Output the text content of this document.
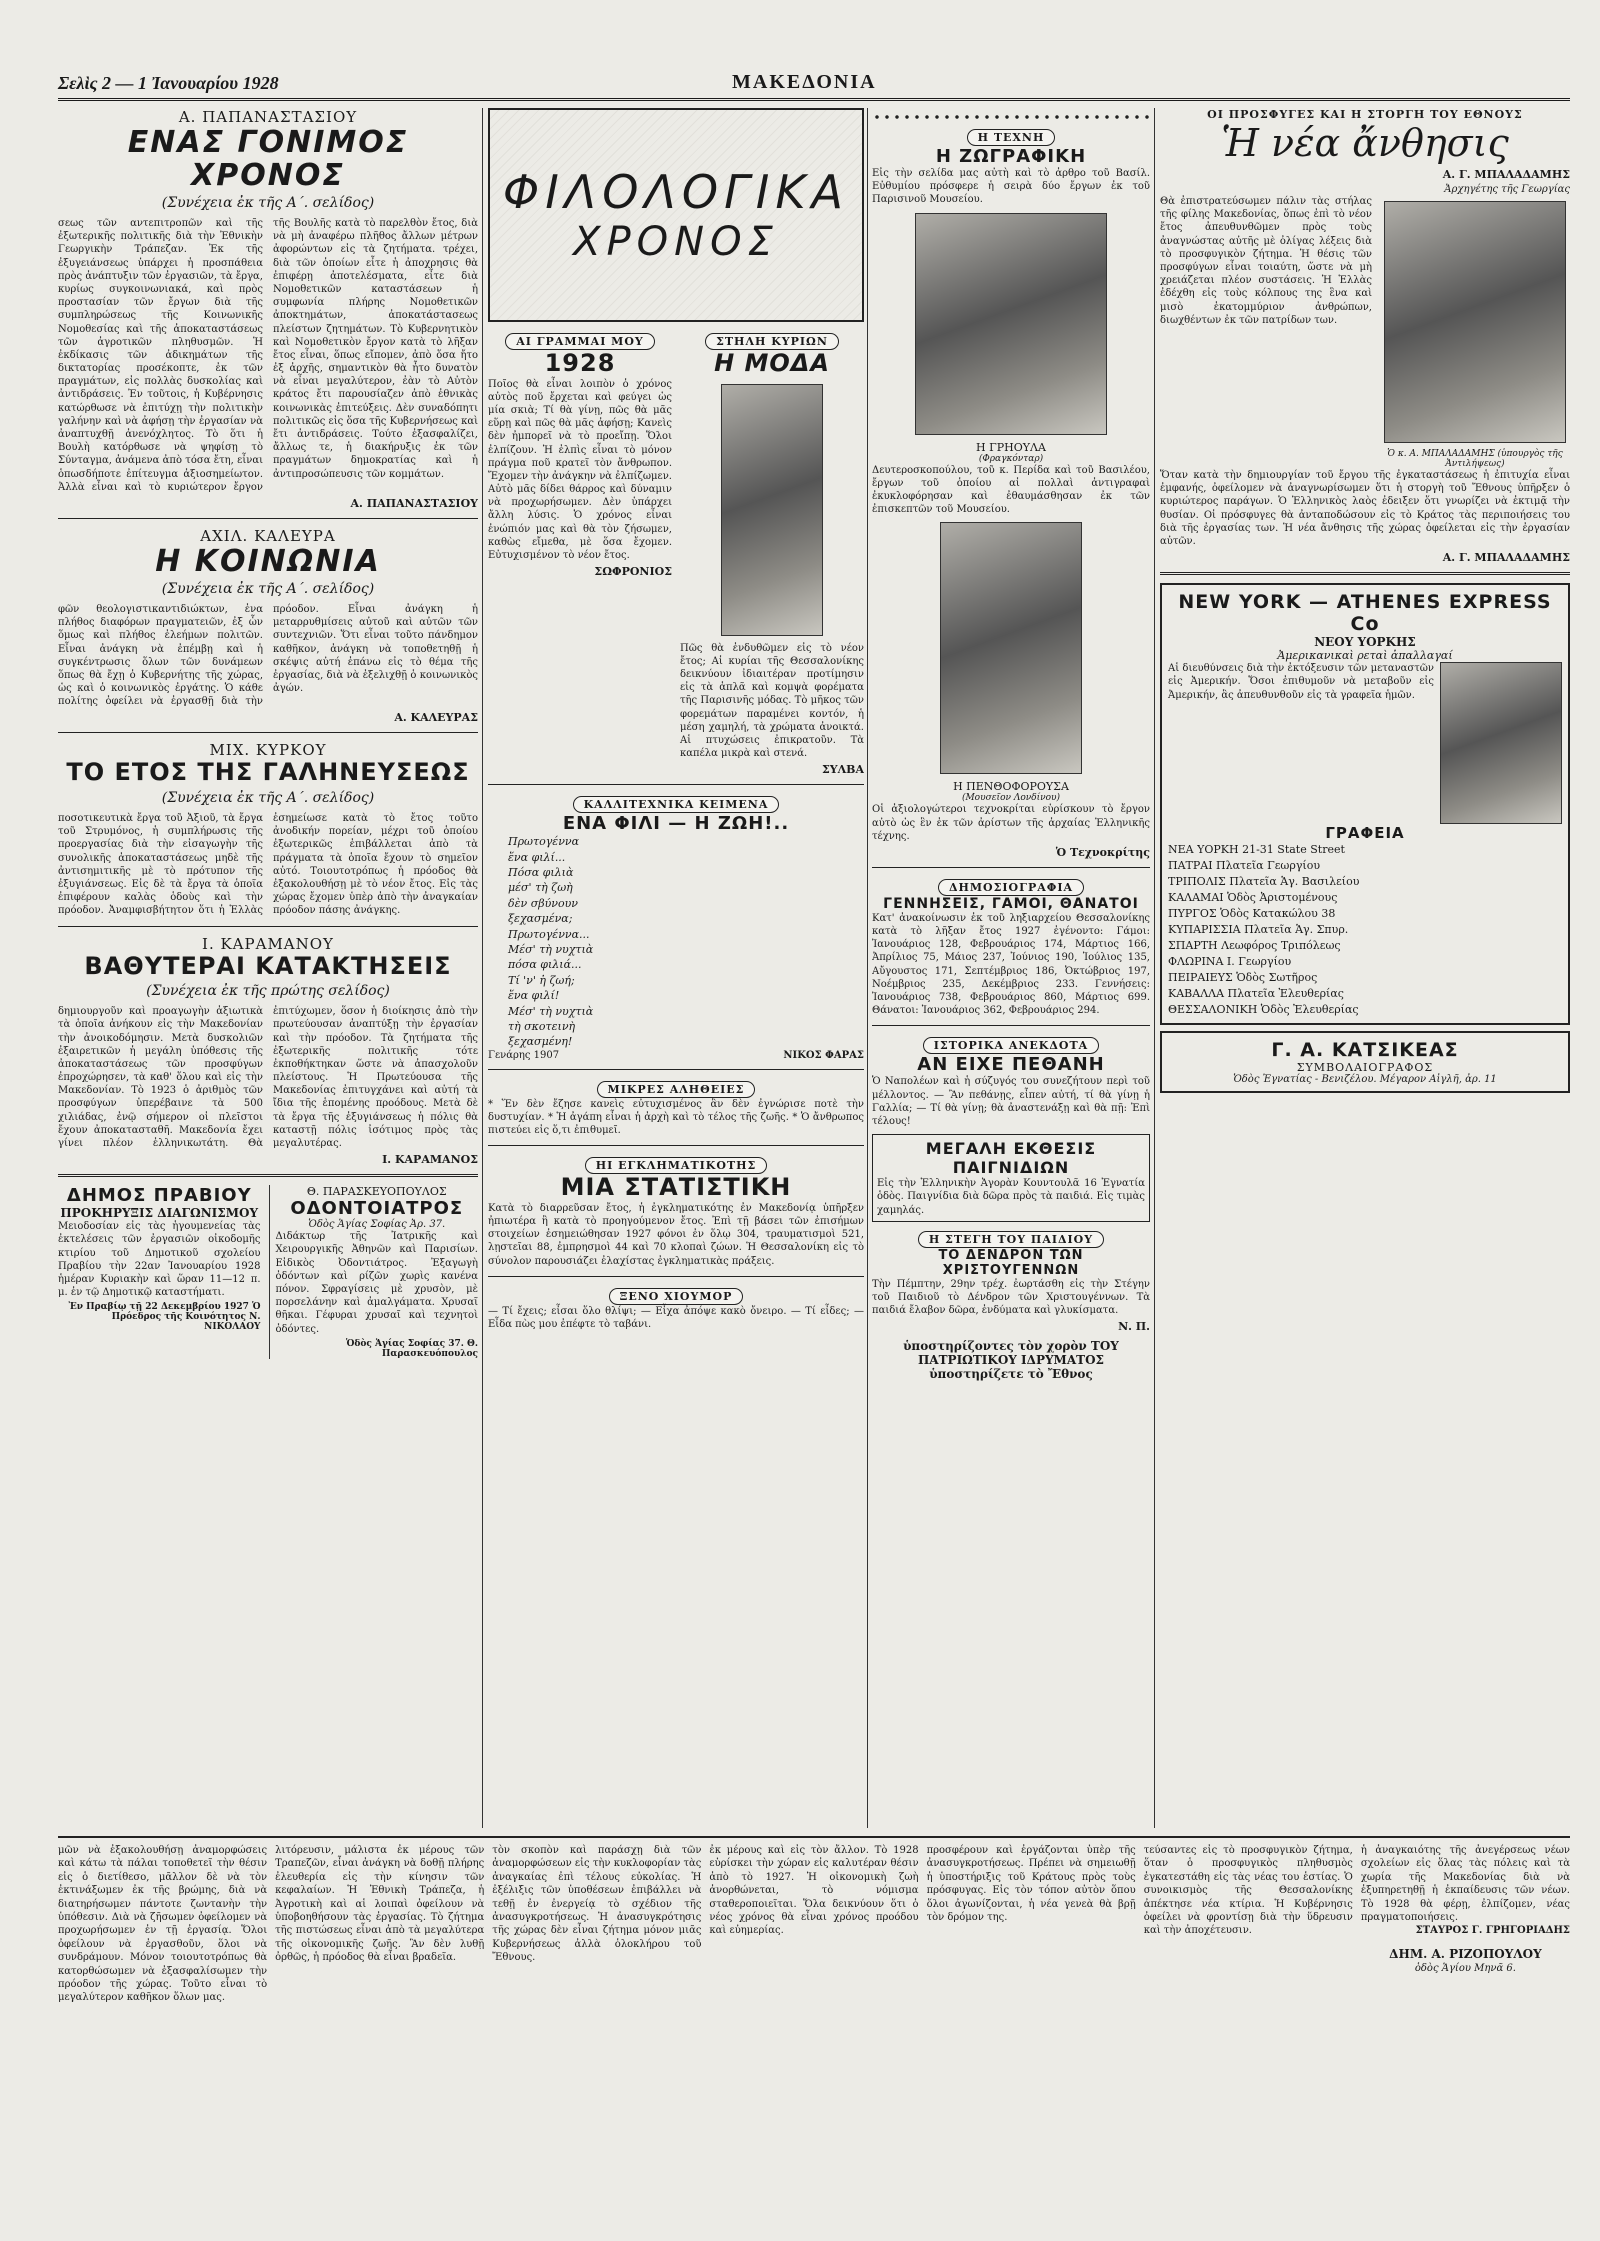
Σελὶς 2 — 1 Ἰανουαρίου 1928	ΜΑΚΕΔΟΝΙΑ
Α. ΠΑΠΑΝΑΣΤΑΣΙΟΥ
ΕΝΑΣ ΓΟΝΙΜΟΣ ΧΡΟΝΟΣ
(Συνέχεια ἐκ τῆς Α΄. σελίδος)
σεως τῶν αντεπιτροπῶν καὶ τῆς ἐξωτερικῆς πολιτικῆς διὰ τὴν Ἐθνικὴν Γεωργικὴν Τράπεζαν. Ἐκ τῆς ἐξυγειάνσεως ὑπάρχει ἡ προσπάθεια πρὸς ἀνάπτυξιν τῶν ἐργασιῶν, τὰ ἔργα, κυρίως συγκοινωνιακά, καὶ πρὸς προστασίαν τῶν ἔργων διὰ τῆς συμπληρώσεως τῆς Κοινωνικῆς Νομοθεσίας καὶ τῆς ἀποκαταστάσεως τῶν ἀγροτικῶν πληθυσμῶν. Ἡ ἐκδίκασις τῶν ἀδικημάτων τῆς δικτατορίας προσέκοπτε, ἐκ τῶν πραγμάτων, εἰς πολλὰς δυσκολίας καὶ ἀντιδράσεις. Ἐν τοῦτοις, ἡ Κυβέρνησις κατώρθωσε νὰ ἐπιτύχῃ τὴν πολιτικὴν γαλήνην καὶ νὰ ἀφήσῃ τὴν ἐργασίαν νὰ ἀναπτυχθῇ ἀνενόχλητος. Τὸ ὅτι ἡ Βουλὴ κατόρθωσε νὰ ψηφίσῃ τὸ Σύνταγμα, ἀνάμενα ἀπὸ τόσα ἔτη, εἶναι ὁπωσδήποτε ἐπίτευγμα ἀξιοσημείωτον. Ἀλλὰ εἶναι καὶ τὸ κυριώτερον ἔργον τῆς Βουλῆς κατὰ τὸ παρελθὸν ἔτος, διὰ νὰ μὴ ἀναφέρω πλῆθος ἄλλων μέτρων ἀφορώντων εἰς τὰ ζητήματα. τρέχει, διὰ τῶν ὁποίων εἶτε ἡ ἀποχρησις θὰ ἐπιφέρῃ ἀποτελέσματα, εἶτε διὰ Νομοθετικῶν καταστάσεων ἡ συμφωνία πλήρης Νομοθετικῶν ἀποκτημάτων, ἀποκατάστασεως πλείστων ζητημάτων. Τὸ Κυβερνητικὸν καὶ Νομοθετικὸν ἔργον κατὰ τὸ λῆξαν ἔτος εἶναι, ὅπως εἴπομεν, ἀπὸ ὅσα ἤτο ἐξ ἀρχῆς, σημαντικὸν θὰ ἦτο δυνατὸν νὰ εἶναι μεγαλύτερον, ἐὰν τὸ Αὐτὸν κράτος ἔτι παρουσίαζεν ἀπὸ ἐθνικὰς κοινωνικὰς ἐπιτεύξεις. Δὲν συναδόπητι πολιτικῶς εἰς ὅσα τῆς Κυβερνήσεως καὶ ἔτι ἀντιδράσεις. Τούτο ἐξασφαλίζει, ἄλλως τε, ἡ διακήρυξις ἐκ τῶν πραγμάτων δημοκρατίας καὶ ἡ ἀντιπροσώπευσις τῶν κομμάτων.
Α. ΠΑΠΑΝΑΣΤΑΣΙΟΥ
ΑΧΙΛ. ΚΑΛΕΥΡΑ
Η ΚΟΙΝΩΝΙΑ
(Συνέχεια ἐκ τῆς Α΄. σελίδος)
φῶν θεολογιστικαντιδιώκτων, ἐνα πλήθος διαφόρων πραγματειῶν, ἐξ ὧν ὅμως καὶ πλήθος ἐλεήμων πολιτῶν. Εἶναι ἀνάγκη νὰ ἐπέμβῃ καὶ ἡ συγκέντρωσις ὅλων τῶν δυνάμεων ὅπως θὰ ἔχῃ ὁ Κυβερνήτης τῆς χώρας, ὡς καὶ ὁ κοινωνικὸς ἐργάτης. Ὁ κάθε πολίτης ὀφείλει νὰ ἐργασθῇ διὰ τὴν πρόοδον. Εἶναι ἀνάγκη ἡ μεταρρυθμίσεις αὐτοῦ καὶ αὐτῶν τῶν συντεχνιῶν. Ὅτι εἶναι τοῦτο πάνδημον καθῆκον, ἀνάγκη νὰ τοποθετηθῇ ἡ σκέψις αὐτή ἐπάνω εἰς τὸ θέμα τῆς ἐργασίας, διὰ νὰ ἐξελιχθῇ ὁ κοινωνικὸς ἀγών.
Α. ΚΑΛΕΥΡΑΣ
ΜΙΧ. ΚΥΡΚΟΥ
ΤΟ ΕΤΟΣ ΤΗΣ ΓΑΛΗΝΕΥΣΕΩΣ
(Συνέχεια ἐκ τῆς Α΄. σελίδος)
ποσοτικευτικὰ ἔργα τοῦ Ἀξιοῦ, τὰ ἔργα τοῦ Στρυμόνος, ἡ συμπλήρωσις τῆς προεργασίας διὰ τὴν εἰσαγωγὴν τῆς συνολικῆς ἀποκαταστάσεως μηδὲ τῆς ἀντισημιτικῆς μὲ τὸ πρότυπον τῆς ἐξυγιάνσεως. Εἰς δὲ τὰ ἔργα τὰ ὁποῖα ἐπιφέρουν καλὰς ὁδοὺς καὶ τὴν πρόοδον. Ἀναμφισβήτητον ὅτι ἡ Ἑλλὰς ἐσημείωσε κατὰ τὸ ἔτος τοῦτο ἀνοδικήν πορείαν, μέχρι τοῦ ὁποίου ἐξωτερικῶς ἐπιβάλλεται ἀπὸ τὰ πράγματα τὰ ὁποῖα ἔχουν τὸ σημεῖον αὐτό. Τοιουτοτρόπως ἡ πρόοδος θὰ ἐξακολουθήσῃ μὲ τὸ νέον ἔτος. Εἰς τὰς χώρας ἔχομεν ὑπὲρ ἀπὸ τὴν ἀναγκαίαν πρόοδον πάσης ἀνάγκης.
Ι. ΚΑΡΑΜΑΝΟΥ
ΒΑΘΥΤΕΡΑΙ ΚΑΤΑΚΤΗΣΕΙΣ
(Συνέχεια ἐκ τῆς πρώτης σελίδος)
δημιουργοῦν καὶ προαγωγὴν ἀξιωτικὰ τὰ ὁποῖα ἀνήκουν εἰς τὴν Μακεδονίαν τὴν ἀνοικοδόμησιν. Μετὰ δυσκολιῶν ἐξαιρετικῶν ἡ μεγάλη ὑπόθεσις τῆς ἀποκαταστάσεως τῶν προσφύγων ἐπροχώρησεν, τὰ καθ' ὅλου καὶ εἰς τὴν Μακεδονίαν. Τὸ 1923 ὁ ἀριθμὸς τῶν προσφύγων ὑπερέβαινε τὰ 500 χιλιάδας, ἐνῷ σήμερον οἱ πλεῖστοι ἔχουν ἀποκατασταθῆ. Μακεδονία ἔχει γίνει πλέον ἑλληνικωτάτη. Θὰ ἐπιτύχωμεν, ὅσον ἡ διοίκησις ἀπὸ τὴν πρωτεύουσαν ἀναπτύξῃ τὴν ἐργασίαν καὶ τὴν πρόοδον. Τὰ ζητήματα τῆς ἐξωτερικῆς πολιτικῆς τότε ἐκποθήκτηκαν ὥστε νὰ ἀπασχολοῦν πλείστους. Ἡ Πρωτεύουσα τῆς Μακεδονίας ἐπιτυγχάνει καὶ αὐτή τὰ ἴδια τῆς ἑπομένης προόδους. Μετὰ δὲ τὰ ἔργα τῆς ἐξυγιάνσεως ἡ πόλις θὰ καταστῇ πόλις ἰσότιμος πρὸς τὰς μεγαλυτέρας.
Ι. ΚΑΡΑΜΑΝΟΣ
ΔΗΜΟΣ ΠΡΑΒΙΟΥ
ΠΡΟΚΗΡΥΞΙΣ ΔΙΑΓΩΝΙΣΜΟΥ
Μειοδοσίαν εἰς τὰς ἡγουμενείας τὰς ἐκτελέσεις τῶν ἐργασιῶν οἰκοδομῆς κτιρίου τοῦ Δημοτικοῦ σχολείου Πραβίου τὴν 22αν Ἰανουαρίου 1928 ἡμέραν Κυριακὴν καὶ ὥραν 11—12 π. μ. ἐν τῷ Δημοτικῷ καταστήματι.
Ἐν Πραβίῳ τῇ 22 Δεκεμβρίου 1927 Ὁ Πρόεδρος τῆς Κοινότητος Ν. ΝΙΚΟΛΑΟΥ
Θ. ΠΑΡΑΣΚΕΥΟΠΟΥΛΟΣ
ΟΔΟΝΤΟΙΑΤΡΟΣ
Ὁδὸς Ἁγίας Σοφίας Ἀρ. 37.
Διδάκτωρ τῆς Ἰατρικῆς καὶ Χειρουργικῆς Ἀθηνῶν καὶ Παρισίων. Εἰδικὸς Ὀδοντιάτρος. Ἐξαγωγὴ ὀδόντων καὶ ρίζῶν χωρὶς κανένα πόνον. Σφραγίσεις μὲ χρυσὸν, μὲ πορσελάνην καὶ ἀμαλγάματα. Χρυσαῖ θῆκαι. Γέφυραι χρυσαῖ καὶ τεχνητοὶ ὀδόντες.
Ὁδὸς Ἁγίας Σοφίας 37. Θ. Παρασκευόπουλος
ΦΙΛΟΛΟΓΙΚΑ
ΧΡΟΝΟΣ
ΑΙ ΓΡΑΜΜΑΙ ΜΟΥ
1928
Ποῖος θὰ εἶναι λοιπὸν ὁ χρόνος αὐτὸς ποῦ ἔρχεται καὶ φεύγει ὡς μία σκιὰ; Τί θὰ γίνῃ, πῶς θὰ μᾶς εὕρῃ καὶ πῶς θὰ μᾶς ἀφήσῃ; Κανεὶς δὲν ἠμπορεῖ νὰ τὸ προεἴπῃ. Ὅλοι ἐλπίζουν. Ἡ ἐλπὶς εἶναι τὸ μόνον πράγμα ποῦ κρατεῖ τὸν ἄνθρωπον. Ἔχομεν τὴν ἀνάγκην νὰ ἐλπίζωμεν. Αὐτὸ μᾶς δίδει θάρρος καὶ δύναμιν νὰ προχωρήσωμεν. Δὲν ὑπάρχει ἄλλη λύσις. Ὁ χρόνος εἶναι ἐνώπιόν μας καὶ θὰ τὸν ζήσωμεν, καθὼς εἴμεθα, μὲ ὅσα ἔχομεν. Εὐτυχισμένον τὸ νέον ἔτος.
ΣΩΦΡΟΝΙΟΣ
ΣΤΗΛΗ ΚΥΡΙΩΝ
Η ΜΟΔΑ
Πῶς θὰ ἐνδυθῶμεν εἰς τὸ νέον ἔτος; Αἱ κυρίαι τῆς Θεσσαλονίκης δεικνύουν ἰδιαιτέραν προτίμησιν εἰς τὰ ἁπλᾶ καὶ κομψὰ φορέματα τῆς Παρισινῆς μόδας. Τὸ μῆκος τῶν φορεμάτων παραμένει κοντόν, ἡ μέση χαμηλή, τὰ χρώματα ἀνοικτά. Αἱ πτυχώσεις ἐπικρατοῦν. Τὰ καπέλα μικρὰ καὶ στενά.
ΣΥΛΒΑ
ΚΑΛΛΙΤΕΧΝΙΚΑ ΚΕΙΜΕΝΑ
ΕΝΑ ΦΙΛΙ — Η ΖΩΗ!..
Πρωτογέννα
ἕνα φιλί...
Πόσα φιλιὰ
μέσ' τὴ ζωὴ
δὲν σβύνουν
ξεχασμένα;
Πρωτογέννα...
Μέσ' τὴ νυχτιὰ
πόσα φιλιά...
Τί 'ν' ἡ ζωή;
ἕνα φιλί!
Μέσ' τὴ νυχτιὰ
τὴ σκοτεινὴ
ξεχασμένη!
Γενάρης 1907	ΝΙΚΟΣ ΦΑΡΑΣ
ΜΙΚΡΕΣ ΑΛΗΘΕΙΕΣ
* Ἕν δὲν ἔζησε κανεὶς εὐτυχισμένος ἂν δὲν ἐγνώρισε ποτὲ τὴν δυστυχίαν. * Ἡ ἀγάπη εἶναι ἡ ἀρχὴ καὶ τὸ τέλος τῆς ζωῆς. * Ὁ ἄνθρωπος πιστεύει εἰς ὅ,τι ἐπιθυμεῖ.
ΗΙ ΕΓΚΛΗΜΑΤΙΚΟΤΗΣ
ΜΙΑ ΣΤΑΤΙΣΤΙΚΗ
Κατὰ τὸ διαρρεῦσαν ἔτος, ἡ ἐγκληματικότης ἐν Μακεδονίᾳ ὑπῆρξεν ἠπιωτέρα ἢ κατὰ τὸ προηγούμενον ἔτος. Ἐπὶ τῇ βάσει τῶν ἐπισήμων στοιχείων ἐσημειώθησαν 1927 φόνοι ἐν ὅλῳ 304, τραυματισμοὶ 521, λῃστεῖαι 88, ἐμπρησμοὶ 44 καὶ 70 κλοπαὶ ζώων. Ἡ Θεσσαλονίκη εἰς τὸ σύνολον παρουσιάζει ἐλαχίστας ἐγκληματικὰς πράξεις.
ΞΕΝΟ ΧΙΟΥΜΟΡ
— Τί ἔχεις; εἶσαι ὅλο θλίψι; — Εἶχα ἀπόψε κακὸ ὄνειρο. — Τί εἶδες; — Εἶδα πὼς μου ἐπέφτε τὸ ταβάνι.
Η ΤΕΧΝΗ
Η ΖΩΓΡΑΦΙΚΗ
Εἰς τὴν σελίδα μας αὐτὴ καὶ τὸ ἀρθρο τοῦ Βασίλ. Εὐθυμίου πρόσφερε ἡ σειρὰ δύο ἔργων ἐκ τοῦ Παρισινοῦ Μουσείου.
Η ΓΡΗΟΥΛΑ
(Φραγκόνταρ)
Δευτεροσκοπούλου, τοῦ κ. Περίδα καὶ τοῦ Βασιλέου, ἔργων τοῦ ὁποίου αἱ πολλαὶ ἀντιγραφαὶ ἐκυκλοφόρησαν καὶ ἐθαυμάσθησαν ἐκ τῶν ἐπισκεπτῶν τοῦ Μουσείου.
Η ΠΕΝΘΟΦΟΡΟΥΣΑ
(Μουσεῖον Λονδίνου)
Οἱ ἀξιολογώτεροι τεχνοκρίται εὑρίσκουν τὸ ἔργον αὐτὸ ὡς ἓν ἐκ τῶν ἀρίστων τῆς ἀρχαίας Ἑλληνικῆς τέχνης.
Ὁ Τεχνοκρίτης
ΔΗΜΟΣΙΟΓΡΑΦΙΑ
ΓΕΝΝΗΣΕΙΣ, ΓΑΜΟΙ, ΘΑΝΑΤΟΙ
Κατ' ἀνακοίνωσιν ἐκ τοῦ ληξιαρχείου Θεσσαλονίκης κατὰ τὸ λῆξαν ἔτος 1927 ἐγένοντο: Γάμοι: Ἰανουάριος 128, Φεβρουάριος 174, Μάρτιος 166, Ἀπρίλιος 75, Μάιος 237, Ἰούνιος 190, Ἰούλιος 135, Αὔγουστος 171, Σεπτέμβριος 186, Ὀκτώβριος 197, Νοέμβριος 235, Δεκέμβριος 233. Γεννήσεις: Ἰανουάριος 738, Φεβρουάριος 860, Μάρτιος 699. Θάνατοι: Ἰανουάριος 362, Φεβρουάριος 294.
ΙΣΤΟΡΙΚΑ ΑΝΕΚΔΟΤΑ
ΑΝ ΕΙΧΕ ΠΕΘΑΝΗ
Ὁ Ναπολέων καὶ ἡ σύζυγός του συνεζήτουν περὶ τοῦ μέλλοντος. — Ἂν πεθάνῃς, εἶπεν αὐτή, τί θὰ γίνῃ ἡ Γαλλία; — Τί θὰ γίνῃ; θὰ ἀναστενάξῃ καὶ θὰ πῇ: Ἐπὶ τέλους!
ΜΕΓΑΛΗ ΕΚΘΕΣΙΣ ΠΑΙΓΝΙΔΙΩΝ
Εἰς τὴν Ἑλληνικὴν Ἀγορὰν Κουντουλᾶ 16 Ἐγνατία ὁδὸς. Παιγνίδια διὰ δῶρα πρὸς τὰ παιδιά. Εἰς τιμὰς χαμηλάς.
Η ΣΤΕΓΗ ΤΟΥ ΠΑΙΔΙΟΥ
ΤΟ ΔΕΝΔΡΟΝ ΤΩΝ ΧΡΙΣΤΟΥΓΕΝΝΩΝ
Τὴν Πέμπτην, 29ην τρέχ. ἐωρτάσθη εἰς τὴν Στέγην τοῦ Παιδιοῦ τὸ Δένδρον τῶν Χριστουγέννων. Τὰ παιδιά ἔλαβον δῶρα, ἐνδύματα καὶ γλυκίσματα.
Ν. Π.
ὑποστηρίζοντες τὸν χορὸν ΤΟΥ ΠΑΤΡΙΩΤΙΚΟΥ ΙΔΡΥΜΑΤΟΣ ὑποστηρίζετε τὸ Ἔθνος
ΟΙ ΠΡΟΣΦΥΓΕΣ ΚΑΙ Η ΣΤΟΡΓΗ ΤΟΥ ΕΘΝΟΥΣ
Ἡ νέα ἄνθησις
Α. Γ. ΜΠΑΛΑΔΑΜΗΣ
Ἀρχηγέτης τῆς Γεωργίας
Θὰ ἐπιστρατεύσωμεν πάλιν τὰς στήλας τῆς φίλης Μακεδονίας, ὅπως ἐπὶ τὸ νέον ἔτος ἀπευθυνθῶμεν πρὸς τοὺς ἀναγνώστας αὐτῆς μὲ ὀλίγας λέξεις διὰ τὸ προσφυγικὸν ζήτημα. Ἡ θέσις τῶν προσφύγων εἶναι τοιαύτη, ὥστε νὰ μὴ χρειάζεται πλέον συστάσεις. Ἡ Ἑλλὰς ἐδέχθη εἰς τοὺς κόλπους της ἓνα καὶ μισὸ ἑκατομμύριον ἀνθρώπων, διωχθέντων ἐκ τῶν πατρίδων των.
Ὁ κ. Α. ΜΠΑΛΑΔΑΜΗΣ (ὑπουργὸς τῆς Ἀντιλήψεως)
Ὅταν κατὰ τὴν δημιουργίαν τοῦ ἔργου τῆς ἐγκαταστάσεως ἡ ἐπιτυχία εἶναι ἐμφανής, ὀφείλομεν νὰ ἀναγνωρίσωμεν ὅτι ἡ στοργὴ τοῦ Ἔθνους ὑπῆρξεν ὁ κυριώτερος παράγων. Ὁ Ἑλληνικὸς λαὸς ἐδειξεν ὅτι γνωρίζει νὰ ἐκτιμᾷ τὴν θυσίαν. Οἱ πρόσφυγες θὰ ἀνταποδώσουν εἰς τὸ Κράτος τὰς περιποιήσεις του διὰ τῆς ἐργασίας των. Ἡ νέα ἄνθησις τῆς χώρας ὀφείλεται εἰς τὴν ἐργασίαν αὐτῶν.
Α. Γ. ΜΠΑΛΑΔΑΜΗΣ
NEW YORK — ATHENES EXPRESS Co
ΝΕΟΥ ΥΟΡΚΗΣ
Ἀμερικανικαὶ ρεταὶ ἀπαλλαγαί
Αἱ διευθύνσεις διὰ τὴν ἐκτόξευσιν τῶν μεταναστῶν εἰς Ἀμερικήν. Ὅσοι ἐπιθυμοῦν νὰ μεταβοῦν εἰς Ἀμερικήν, ἂς ἀπευθυνθοῦν εἰς τὰ γραφεῖα ἡμῶν.
ΓΡΑΦΕΙΑ
ΝΕΑ ΥΟΡΚΗ 21-31 State Street
ΠΑΤΡΑΙ Πλατεῖα Γεωργίου
ΤΡΙΠΟΛΙΣ Πλατεῖα Ἁγ. Βασιλείου
ΚΑΛΑΜΑΙ Ὁδὸς Ἀριστομένους
ΠΥΡΓΟΣ Ὁδὸς Κατακώλου 38
ΚΥΠΑΡΙΣΣΙΑ Πλατεῖα Ἁγ. Σπυρ.
ΣΠΑΡΤΗ Λεωφόρος Τριπόλεως
ΦΛΩΡΙΝΑ Ι. Γεωργίου
ΠΕΙΡΑΙΕΥΣ Ὁδὸς Σωτῆρος
ΚΑΒΑΛΛΑ Πλατεῖα Ἐλευθερίας
ΘΕΣΣΑΛΟΝΙΚΗ Ὁδὸς Ἐλευθερίας
Γ. Α. ΚΑΤΣΙΚΕΑΣ
ΣΥΜΒΟΛΑΙΟΓΡΑΦΟΣ
Ὁδὸς Ἐγνατίας - Βενιζέλου. Μέγαρον Αἰγλῆ, ἀρ. 11
μῶν νὰ ἐξακολουθήσῃ ἀναμορφώσεις καὶ κάτω τὰ πάλαι τοποθετεῖ τὴν θέσιν εἰς ὁ διετίθεσο, μᾶλλον δὲ νὰ τὸν ἐκτινάξωμεν ἐκ τῆς βρώμης, διὰ νὰ διατηρήσωμεν πάντοτε ζωντανὴν τὴν ὑπόθεσιν. Διὰ νὰ ζῆσωμεν ὀφείλομεν νὰ προχωρήσωμεν ἐν τῇ ἐργασίᾳ. Ὅλοι ὀφείλουν νὰ ἐργασθοῦν, ὅλοι νὰ συνδράμουν. Μόνον τοιουτοτρόπως θὰ κατορθώσωμεν νὰ ἐξασφαλίσωμεν τὴν πρόοδον τῆς χώρας. Τοῦτο εἶναι τὸ μεγαλύτερον καθῆκον ὅλων μας.
λιτόρευσιν, μάλιστα ἐκ μέρους τῶν Τραπεζῶν, εἶναι ἀνάγκη νὰ δοθῇ πλήρης ἐλευθερία εἰς τὴν κίνησιν τῶν κεφαλαίων. Ἡ Ἐθνικὴ Τράπεζα, ἡ Ἀγροτικὴ καὶ αἱ λοιπαὶ ὀφείλουν νὰ ὑποβοηθήσουν τὰς ἐργασίας. Τὸ ζήτημα τῆς πιστώσεως εἶναι ἀπὸ τὰ μεγαλύτερα τῆς οἰκονομικῆς ζωῆς. Ἂν δὲν λυθῇ ὀρθῶς, ἡ πρόοδος θὰ εἶναι βραδεῖα.
τὸν σκοπὸν καὶ παράσχῃ διὰ τῶν ἀναμορφώσεων εἰς τὴν κυκλοφορίαν τὰς ἀναγκαίας ἐπὶ τέλους εὐκολίας. Ἡ ἐξέλιξις τῶν ὑποθέσεων ἐπιβάλλει νὰ τεθῇ ἐν ἐνεργείᾳ τὸ σχέδιον τῆς ἀνασυγκροτήσεως. Ἡ ἀνασυγκρότησις τῆς χώρας δὲν εἶναι ζήτημα μόνον μιᾶς Κυβερνήσεως ἀλλὰ ὁλοκλήρου τοῦ Ἔθνους.
ἐκ μέρους καὶ εἰς τὸν ἄλλον. Τὸ 1928 εὑρίσκει τὴν χώραν εἰς καλυτέραν θέσιν ἀπὸ τὸ 1927. Ἡ οἰκονομικὴ ζωὴ ἀνορθώνεται, τὸ νόμισμα σταθεροποιεῖται. Ὅλα δεικνύουν ὅτι ὁ νέος χρόνος θὰ εἶναι χρόνος προόδου καὶ εὐημερίας.
προσφέρουν καὶ ἐργάζονται ὑπὲρ τῆς ἀνασυγκροτήσεως. Πρέπει νὰ σημειωθῇ ἡ ὑποστήριξις τοῦ Κράτους πρὸς τοὺς πρόσφυγας. Εἰς τὸν τόπον αὐτὸν ὅπου ὅλοι ἀγωνίζονται, ἡ νέα γενεὰ θὰ βρῇ τὸν δρόμον της.
τεύσαντες εἰς τὸ προσφυγικὸν ζήτημα, ὅταν ὁ προσφυγικὸς πληθυσμὸς ἐγκατεστάθη εἰς τὰς νέας του ἑστίας. Ὁ συνοικισμὸς τῆς Θεσσαλονίκης ἀπέκτησε νέα κτίρια. Ἡ Κυβέρνησις ὀφείλει νὰ φροντίσῃ διὰ τὴν ὕδρευσιν καὶ τὴν ἀποχέτευσιν.
ἡ ἀναγκαιότης τῆς ἀνεγέρσεως νέων σχολείων εἰς ὅλας τὰς πόλεις καὶ τὰ χωρία τῆς Μακεδονίας διὰ νὰ ἐξυπηρετηθῇ ἡ ἐκπαίδευσις τῶν νέων. Τὸ 1928 θὰ φέρῃ, ἐλπίζομεν, νέας πραγματοποιήσεις.
ΣΤΑΥΡΟΣ Γ. ΓΡΗΓΟΡΙΑΔΗΣ
ΔΗΜ. Α. ΡΙΖΟΠΟΥΛΟΥ
ὁδὸς Ἁγίου Μηνᾶ 6.
